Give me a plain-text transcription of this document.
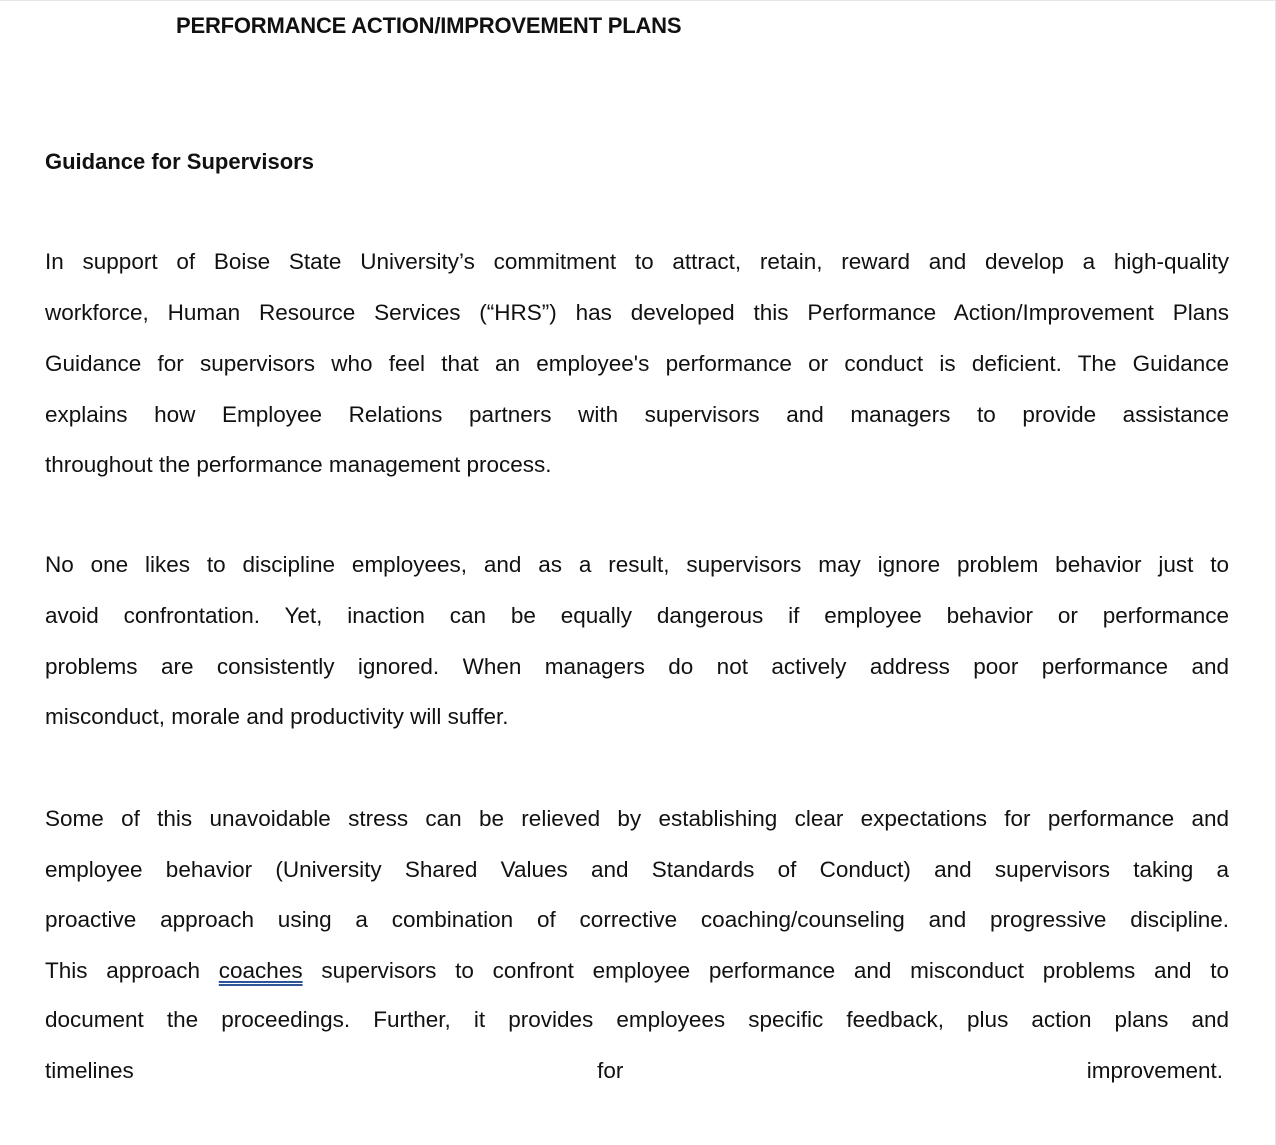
PERFORMANCE ACTION/IMPROVEMENT PLANS
Guidance for Supervisors
In support of Boise State University’s commitment to attract, retain, reward and develop a high-quality
workforce, Human Resource Services (“HRS”) has developed this Performance Action/Improvement Plans
Guidance for supervisors who feel that an employee's performance or conduct is deficient. The Guidance
explains how Employee Relations partners with supervisors and managers to provide assistance
throughout the performance management process.
No one likes to discipline employees, and as a result, supervisors may ignore problem behavior just to
avoid confrontation. Yet, inaction can be equally dangerous if employee behavior or performance
problems are consistently ignored. When managers do not actively address poor performance and
misconduct, morale and productivity will suffer.
Some of this unavoidable stress can be relieved by establishing clear expectations for performance and
employee behavior (University Shared Values and Standards of Conduct) and supervisors taking a
proactive approach using a combination of corrective coaching/counseling and progressive discipline.
This approach coaches supervisors to confront employee performance and misconduct problems and to
document the proceedings. Further, it provides employees specific feedback, plus action plans and
timelines for improvement.
